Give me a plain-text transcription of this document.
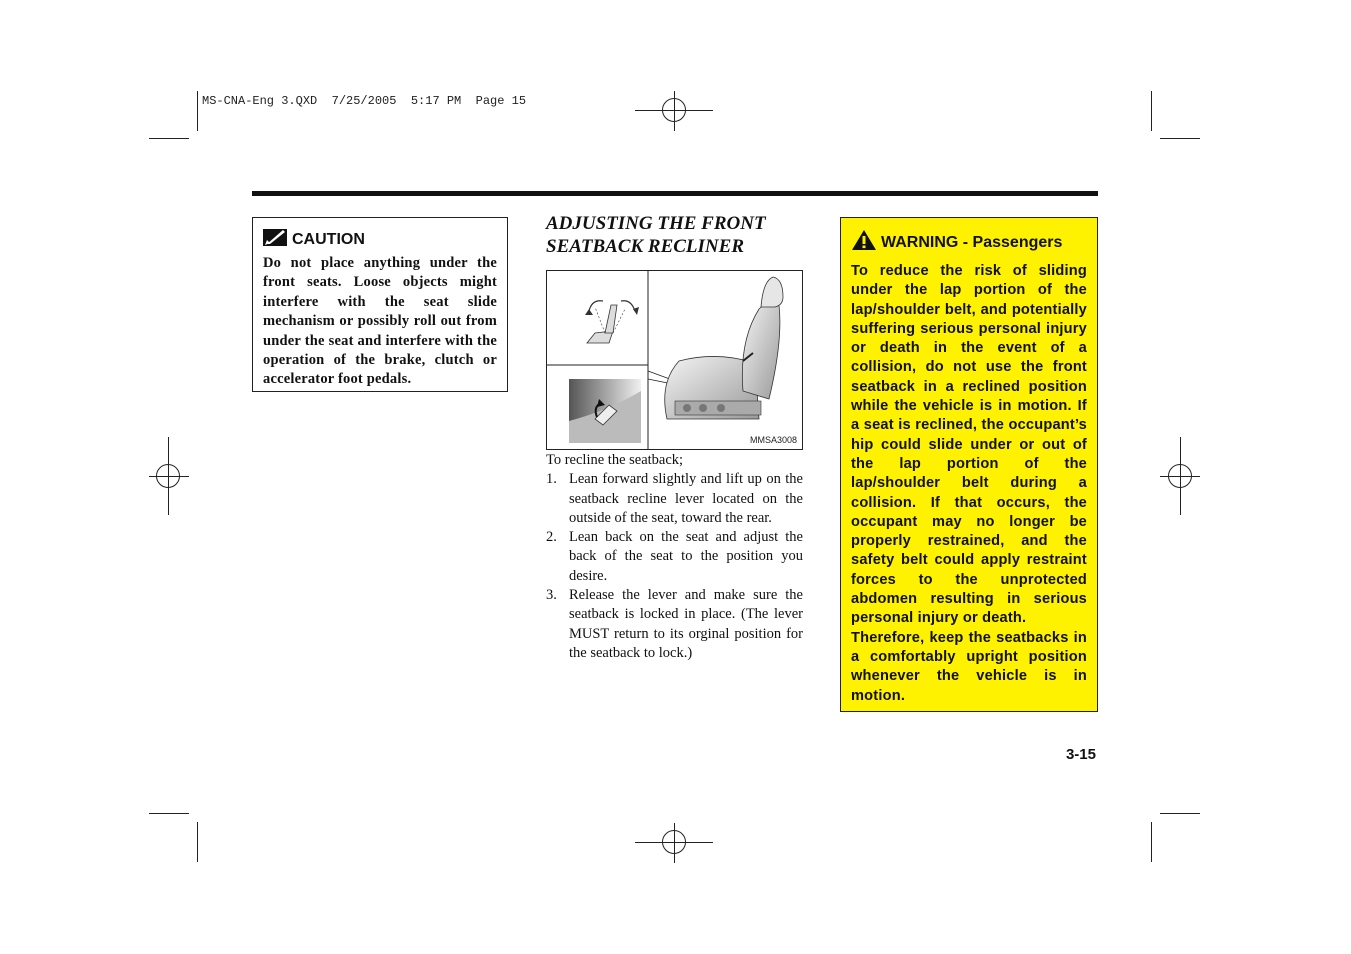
MS-CNA-Eng 3.QXD  7/25/2005  5:17 PM  Page 15
CAUTION
Do not place anything under the front seats. Loose objects might interfere with the seat slide mechanism or possibly roll out from under the seat and interfere with the operation of the brake, clutch or accelerator foot pedals.
ADJUSTING THE FRONT
SEATBACK RECLINER
MMSA3008

To recline the seatback;

1. Lean forward slightly and lift up on the seatback recline lever located on the outside of the seat, toward the rear.
2. Lean back on the seat and adjust the back of the seat to the position you desire.
3. Release the lever and make sure the seatback is locked in place. (The lever MUST return to its orginal position for the seatback to lock.)
WARNING - Passengers
To reduce the risk of sliding under the lap portion of the lap/shoulder belt, and potentially suffering serious personal injury or death in the event of a collision, do not use the front seatback in a reclined position while the vehicle is in motion. If a seat is reclined, the occupant’s hip could slide under or out of the lap portion of the lap/shoulder belt during a collision. If that occurs, the occupant may no longer be properly restrained, and the safety belt could apply restraint forces to the unprotected abdomen resulting in serious personal injury or death.
Therefore, keep the seatbacks in a comfortably upright position whenever the vehicle is in motion.
3-15
